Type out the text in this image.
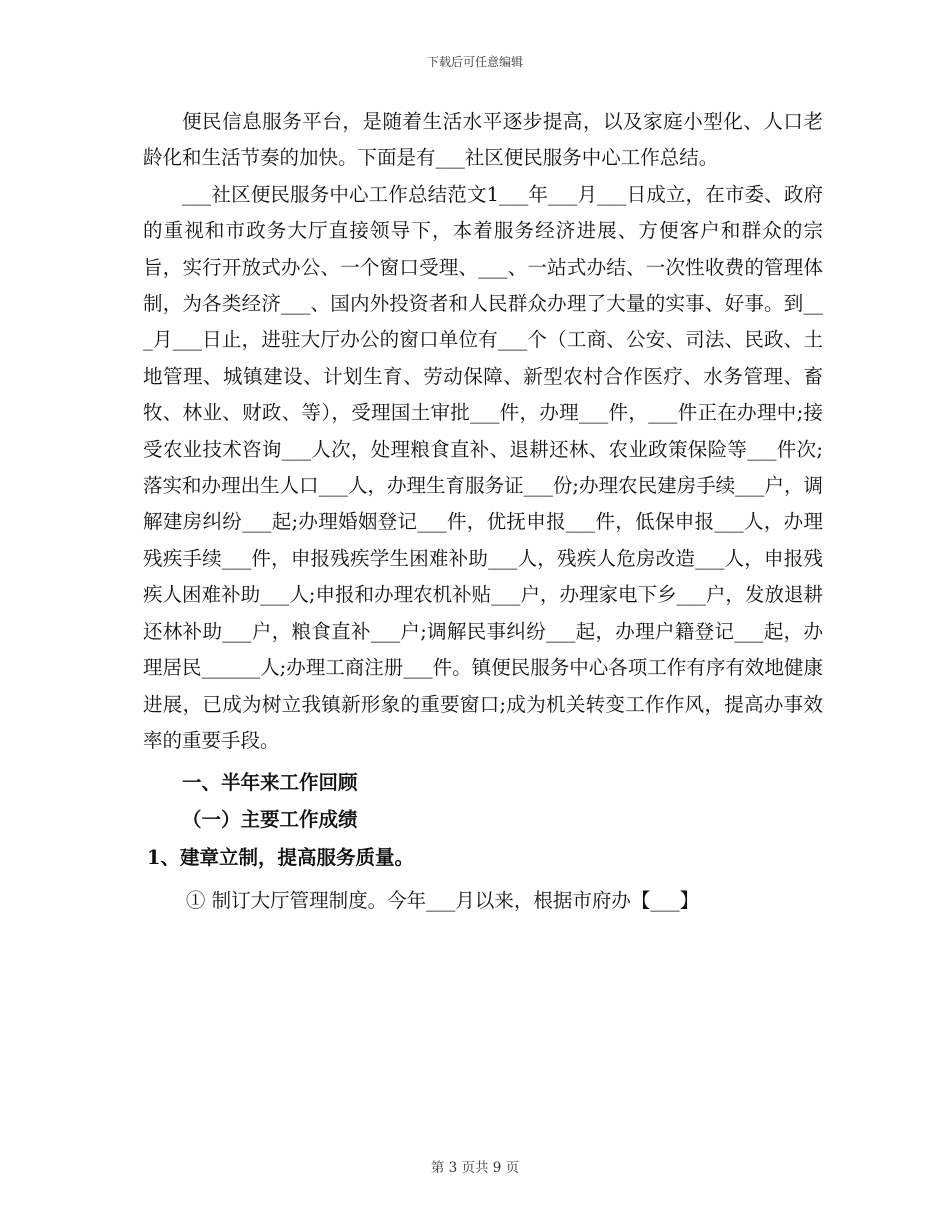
下载后可任意编辑

便民信息服务平台，是随着生活水平逐步提高，以及家庭小型化、人口老龄化和生活节奏的加快。下面是有___社区便民服务中心工作总结。

___社区便民服务中心工作总结范文1___年___月___日成立，在市委、政府的重视和市政务大厅直接领导下，本着服务经济进展、方便客户和群众的宗旨，实行开放式办公、一个窗口受理、___、一站式办结、一次性收费的管理体制，为各类经济___、国内外投资者和人民群众办理了大量的实事、好事。到___月___日止，进驻大厅办公的窗口单位有___个（工商、公安、司法、民政、土地管理、城镇建设、计划生育、劳动保障、新型农村合作医疗、水务管理、畜牧、林业、财政、等），受理国土审批___件，办理___件，___件正在办理中;接受农业技术咨询___人次，处理粮食直补、退耕还林、农业政策保险等___件次;落实和办理出生人口___人，办理生育服务证___份;办理农民建房手续___户，调解建房纠纷___起;办理婚姻登记___件，优抚申报___件，低保申报___人，办理残疾手续___件，申报残疾学生困难补助___人，残疾人危房改造___人，申报残疾人困难补助___人;申报和办理农机补贴___户，办理家电下乡___户，发放退耕还林补助___户，粮食直补___户;调解民事纠纷___起，办理户籍登记___起，办理居民______人;办理工商注册___件。镇便民服务中心各项工作有序有效地健康进展，已成为树立我镇新形象的重要窗口;成为机关转变工作作风，提高办事效率的重要手段。

一、半年来工作回顾

（一）主要工作成绩

1、建章立制，提高服务质量。

① 制订大厅管理制度。今年___月以来，根据市府办【___】

第 3 页共 9 页
